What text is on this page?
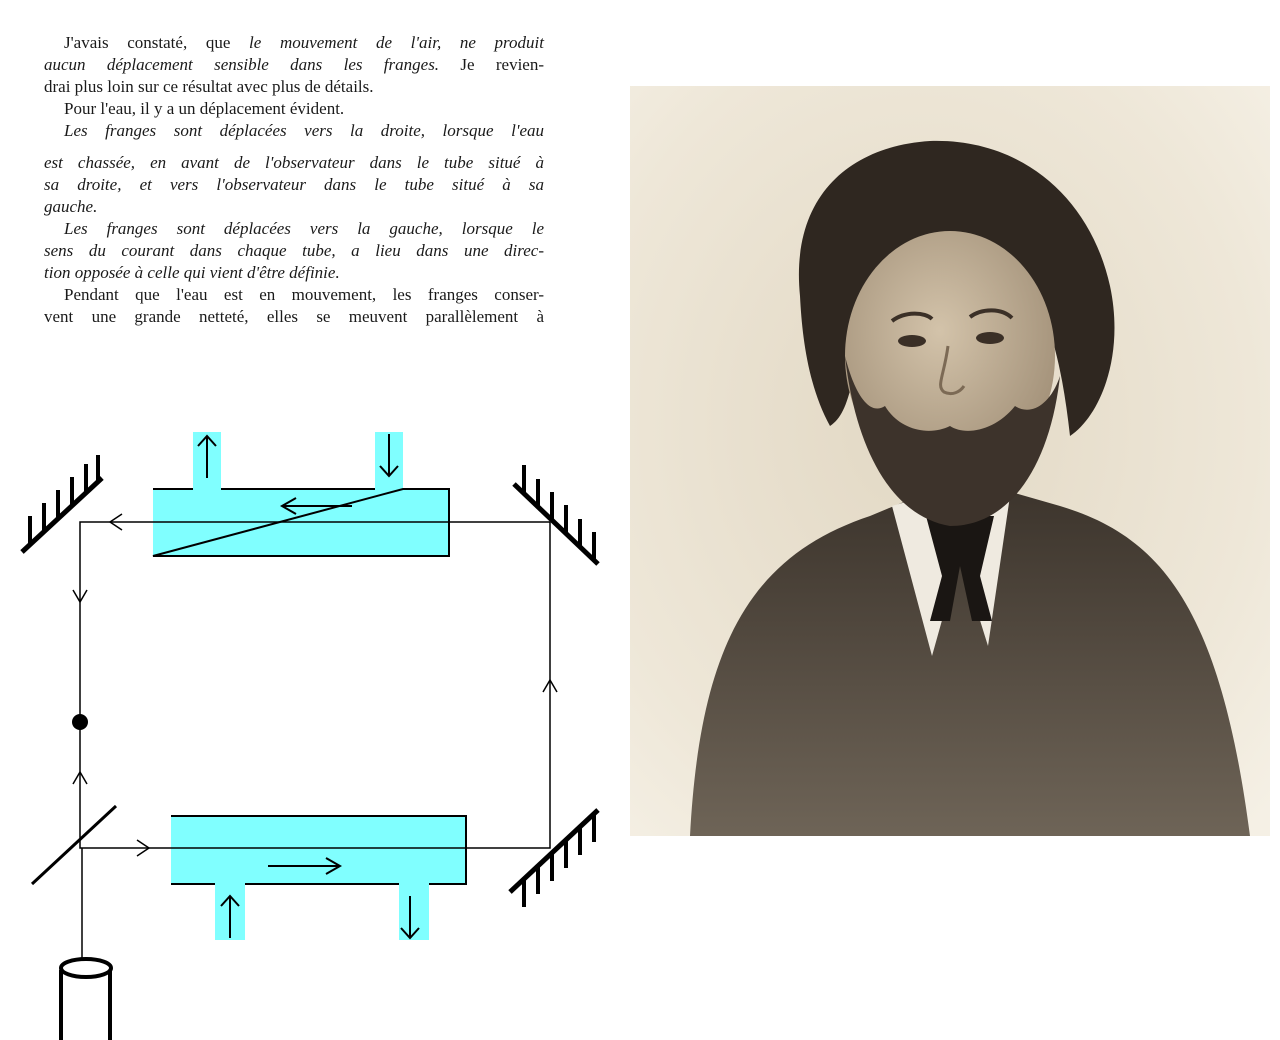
J'avais constaté, que le mouvement de l'air, ne produit

aucun déplacement sensible dans les franges. Je revien-

drai plus loin sur ce résultat avec plus de détails.

Pour l'eau, il y a un déplacement évident.

Les franges sont déplacées vers la droite, lorsque l'eau

est chassée, en avant de l'observateur dans le tube situé à

sa droite, et vers l'observateur dans le tube situé à sa

gauche.

Les franges sont déplacées vers la gauche, lorsque le

sens du courant dans chaque tube, a lieu dans une direc-

tion opposée à celle qui vient d'être définie.

Pendant que l'eau est en mouvement, les franges conser-

vent une grande netteté, elles se meuvent parallèlement à
